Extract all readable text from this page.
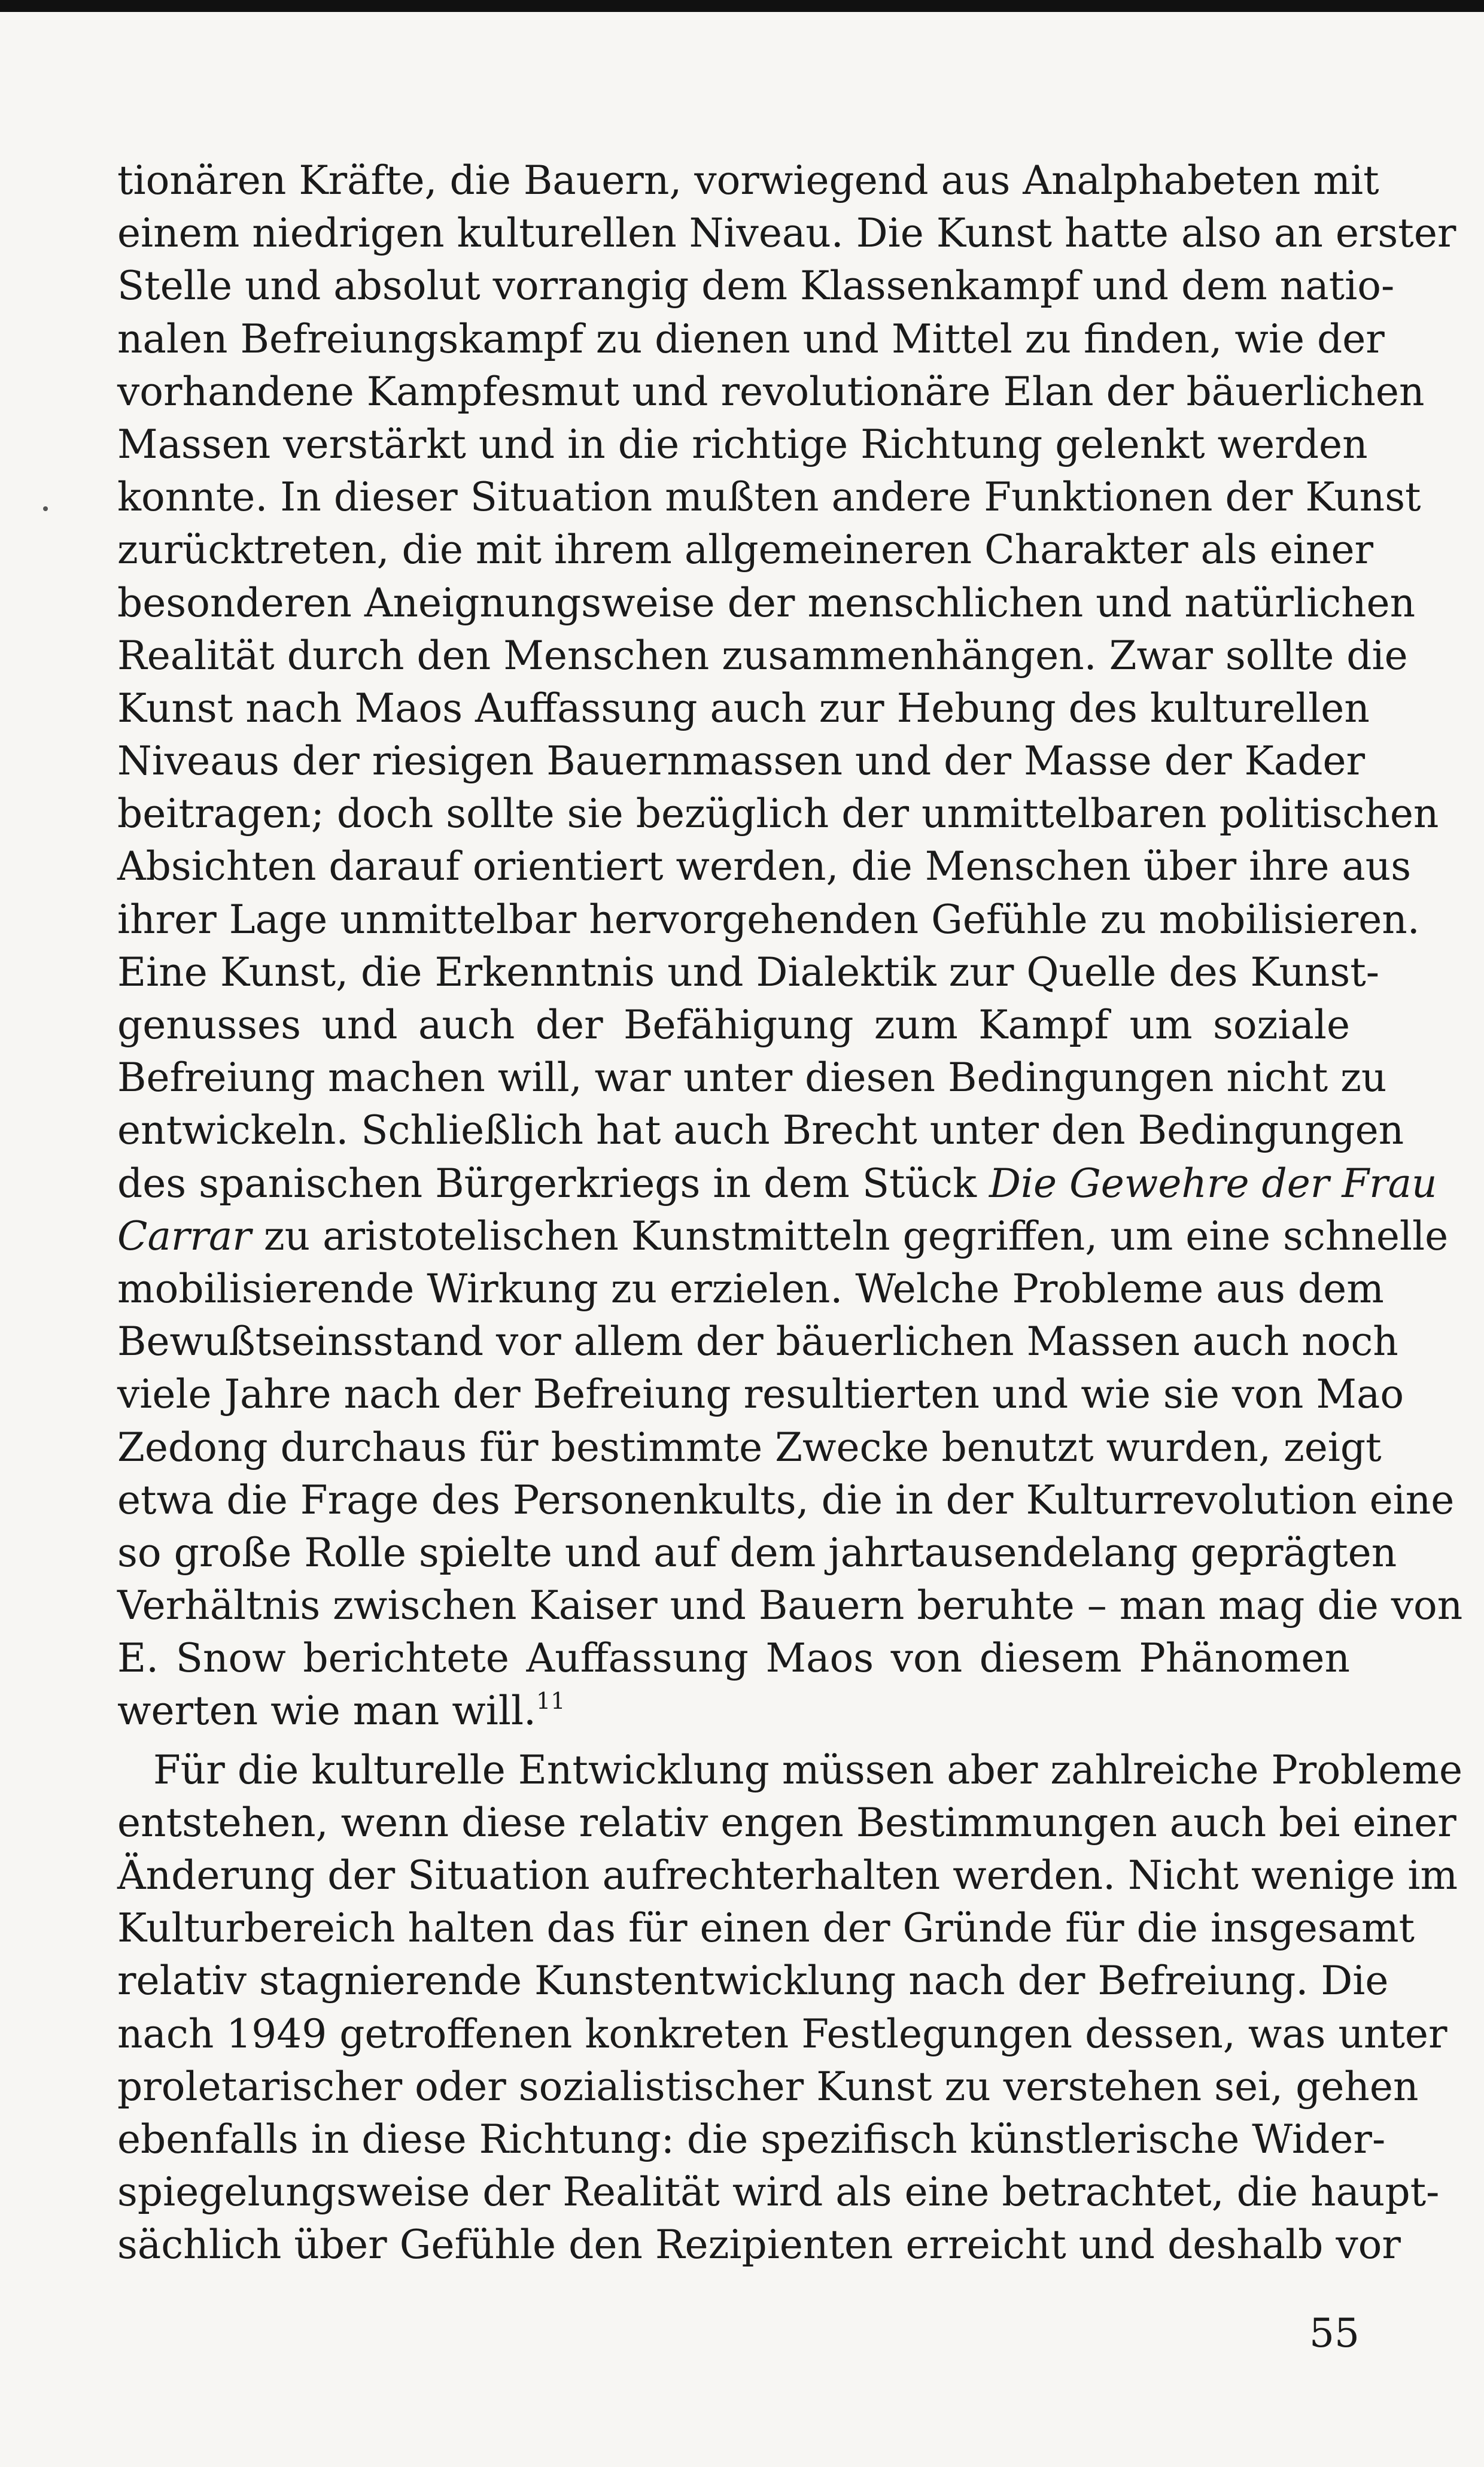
tionären Kräfte, die Bauern, vorwiegend aus Analphabeten mit
einem niedrigen kulturellen Niveau. Die Kunst hatte also an erster
Stelle und absolut vorrangig dem Klassenkampf und dem natio-
nalen Befreiungskampf zu dienen und Mittel zu finden, wie der
vorhandene Kampfesmut und revolutionäre Elan der bäuerlichen
Massen verstärkt und in die richtige Richtung gelenkt werden
konnte. In dieser Situation mußten andere Funktionen der Kunst
zurücktreten, die mit ihrem allgemeineren Charakter als einer
besonderen Aneignungsweise der menschlichen und natürlichen
Realität durch den Menschen zusammenhängen. Zwar sollte die
Kunst nach Maos Auffassung auch zur Hebung des kulturellen
Niveaus der riesigen Bauernmassen und der Masse der Kader
beitragen; doch sollte sie bezüglich der unmittelbaren politischen
Absichten darauf orientiert werden, die Menschen über ihre aus
ihrer Lage unmittelbar hervorgehenden Gefühle zu mobilisieren.
Eine Kunst, die Erkenntnis und Dialektik zur Quelle des Kunst-
genusses und auch der Befähigung zum Kampf um soziale
Befreiung machen will, war unter diesen Bedingungen nicht zu
entwickeln. Schließlich hat auch Brecht unter den Bedingungen
des spanischen Bürgerkriegs in dem Stück Die Gewehre der Frau
Carrar zu aristotelischen Kunstmitteln gegriffen, um eine schnelle
mobilisierende Wirkung zu erzielen. Welche Probleme aus dem
Bewußtseinsstand vor allem der bäuerlichen Massen auch noch
viele Jahre nach der Befreiung resultierten und wie sie von Mao
Zedong durchaus für bestimmte Zwecke benutzt wurden, zeigt
etwa die Frage des Personenkults, die in der Kulturrevolution eine
so große Rolle spielte und auf dem jahrtausendelang geprägten
Verhältnis zwischen Kaiser und Bauern beruhte – man mag die von
E. Snow berichtete Auffassung Maos von diesem Phänomen
werten wie man will.$^{11}$
Für die kulturelle Entwicklung müssen aber zahlreiche Probleme
entstehen, wenn diese relativ engen Bestimmungen auch bei einer
Änderung der Situation aufrechterhalten werden. Nicht wenige im
Kulturbereich halten das für einen der Gründe für die insgesamt
relativ stagnierende Kunstentwicklung nach der Befreiung. Die
nach 1949 getroffenen konkreten Festlegungen dessen, was unter
proletarischer oder sozialistischer Kunst zu verstehen sei, gehen
ebenfalls in diese Richtung: die spezifisch künstlerische Wider-
spiegelungsweise der Realität wird als eine betrachtet, die haupt-
sächlich über Gefühle den Rezipienten erreicht und deshalb vor
55
